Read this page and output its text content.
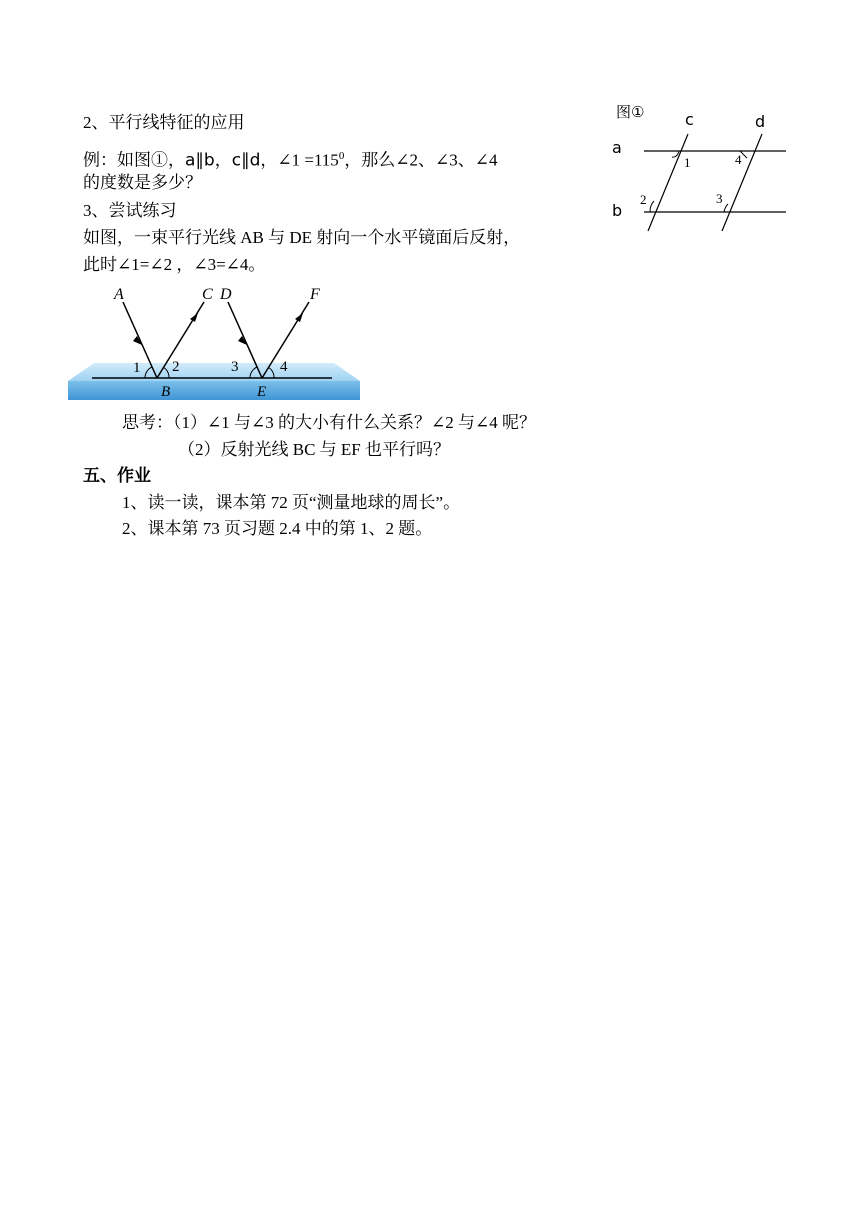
2、平行线特征的应用
例：如图①，a∥b，c∥d，∠1 $=115^0$，那么∠2、∠3、∠4
的度数是多少？
3、尝试练习
如图，一束平行光线 AB 与 DE 射向一个水平镜面后反射，
此时∠1=∠2 ，∠3=∠4。
图①
a
b
c	d
1	4
2	3
A	C D	F
B	E
1 2	3	4
思考：（1）∠1 与∠3 的大小有什么关系？∠2 与∠4 呢？
（2）反射光线 BC 与 EF 也平行吗？
五、作业
1、读一读，课本第 72 页“测量地球的周长”。
2、课本第 73 页习题 2.4 中的第 1、2 题。
